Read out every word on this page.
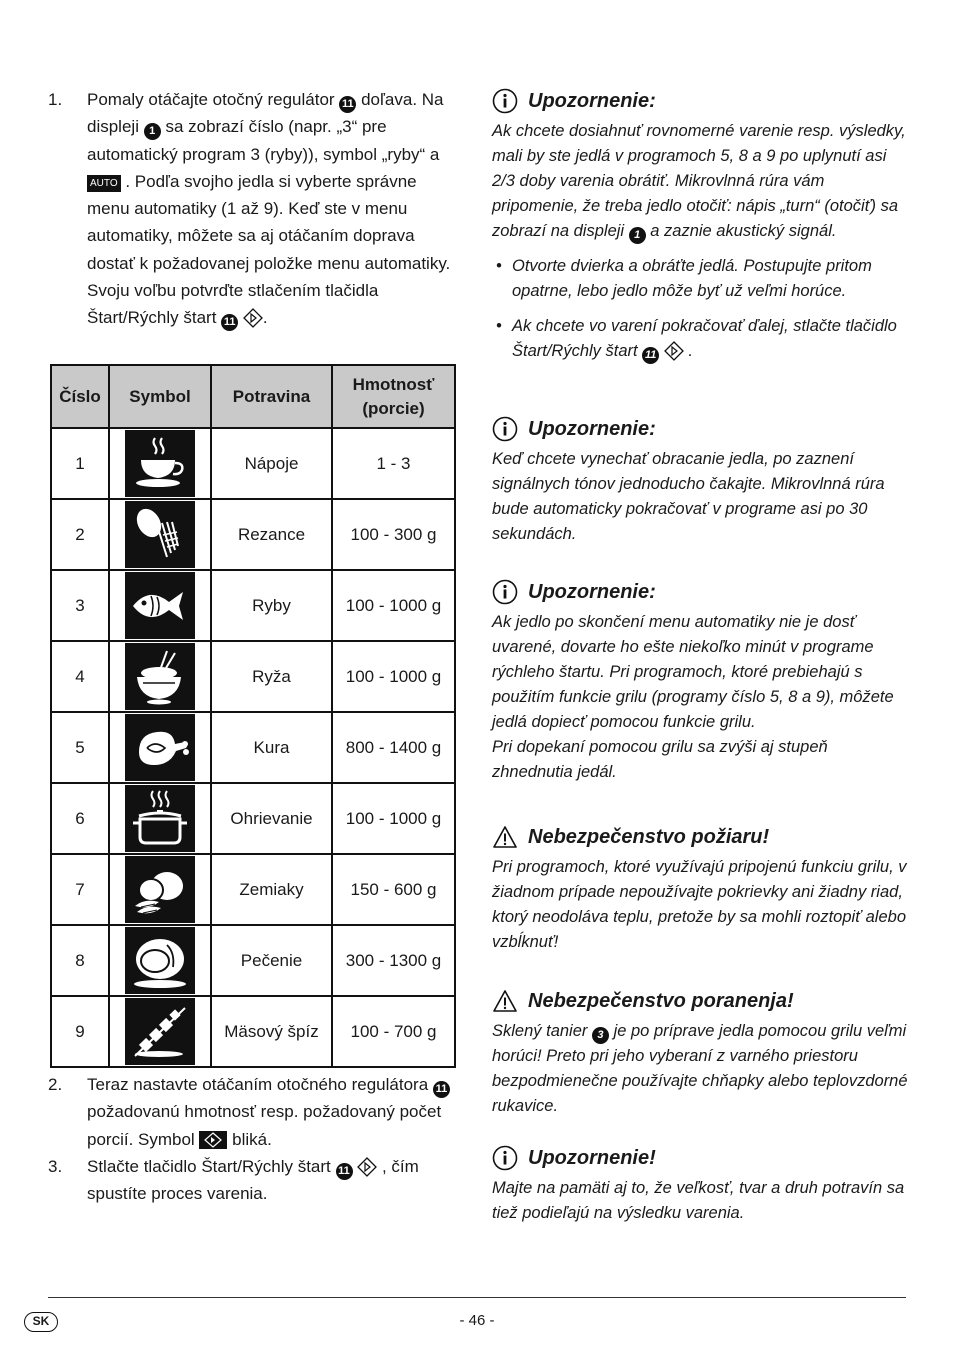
1. Pomaly otáčajte otočný regulátor 11 doľava. Na displeji 1 sa zobrazí číslo (napr. „3“ pre automatický program 3 (ryby)), symbol „ryby“ a AUTO . Podľa svojho jedla si vyberte správne menu automatiky (1 až 9). Keď ste v menu automatiky, môžete sa aj otáčaním doprava dostať k požadovanej položke menu automatiky. Svoju voľbu potvrďte stlačením tlačidla Štart/Rýchly štart 11 .
Číslo	Symbol	Potravina	Hmotnosť (porcie)
1		Nápoje	1 - 3
2		Rezance	100 - 300 g
3		Ryby	100 - 1000 g
4		Ryža	100 - 1000 g
5		Kura	800 - 1400 g
6		Ohrievanie	100 - 1000 g
7		Zemiaky	150 - 600 g
8		Pečenie	300 - 1300 g
9		Mäsový špíz	100 - 700 g
2. Teraz nastavte otáčaním otočného regulátora 11 požadovanú hmotnosť resp. požadovaný počet porcií. Symbol bliká.
3. Stlačte tlačidlo Štart/Rýchly štart 11 , čím spustíte proces varenia.
Upozornenie:
Ak chcete dosiahnuť rovnomerné varenie resp. výsledky, mali by ste jedlá v programoch 5, 8 a 9 po uplynutí asi 2/3 doby varenia obrátiť. Mikrovlnná rúra vám pripomenie, že treba jedlo otočiť: nápis „turn“ (otočiť) sa zobrazí na displeji 1 a zaznie akustický signál.
• Otvorte dvierka a obráťte jedlá. Postupujte pritom opatrne, lebo jedlo môže byť už veľmi horúce.
• Ak chcete vo varení pokračovať ďalej, stlačte tlačidlo Štart/Rýchly štart 11 .
Upozornenie:
Keď chcete vynechať obracanie jedla, po zaznení signálnych tónov jednoducho čakajte. Mikrovlnná rúra bude automaticky pokračovať v programe asi po 30 sekundách.
Upozornenie:
Ak jedlo po skončení menu automatiky nie je dosť uvarené, dovarte ho ešte niekoľko minút v programe rýchleho štartu. Pri programoch, ktoré prebiehajú s použitím funkcie grilu (programy číslo 5, 8 a 9), môžete jedlá dopiecť pomocou funkcie grilu.
Pri dopekaní pomocou grilu sa zvýši aj stupeň zhnednutia jedál.
Nebezpečenstvo požiaru!
Pri programoch, ktoré využívajú pripojenú funkciu grilu, v žiadnom prípade nepoužívajte pokrievky ani žiadny riad, ktorý neodoláva teplu, pretože by sa mohli roztopiť alebo vzbĺknuť!
Nebezpečenstvo poranenja!
Sklený tanier 3 je po príprave jedla pomocou grilu veľmi horúci! Preto pri jeho vyberaní z varného priestoru bezpodmienečne používajte chňapky alebo teplovzdorné rukavice.
Upozornenie!
Majte na pamäti aj to, že veľkosť, tvar a druh potravín sa tiež podieľajú na výsledku varenia.
SK	- 46 -
